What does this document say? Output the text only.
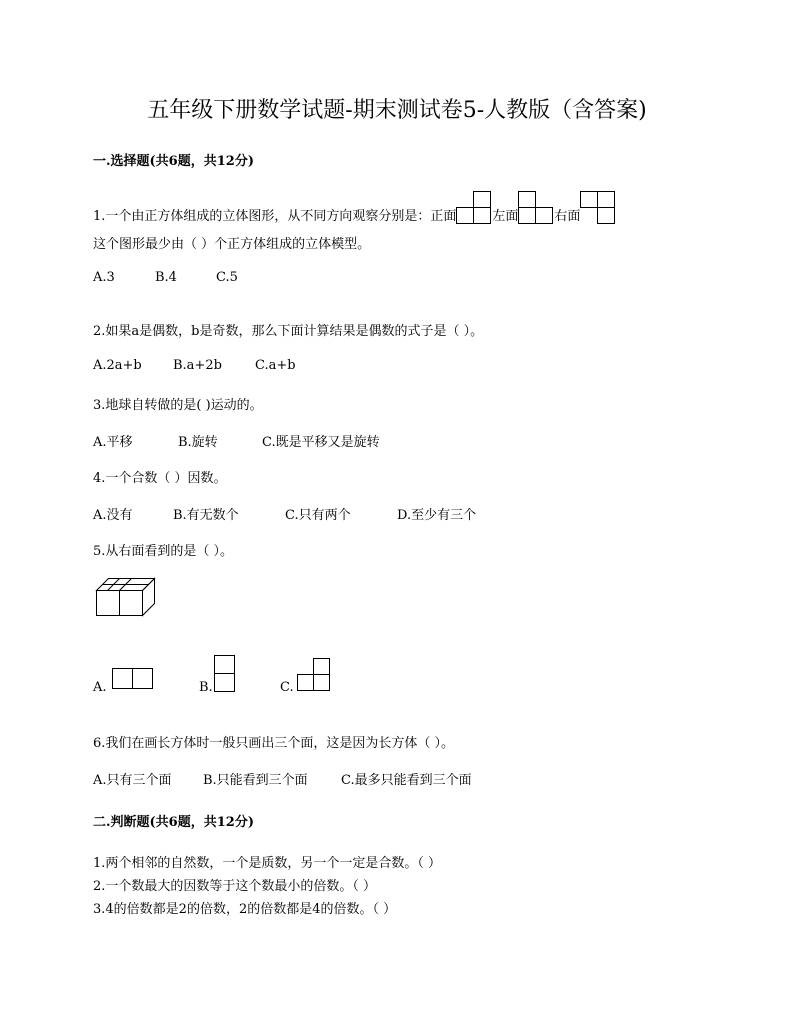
五年级下册数学试题-期末测试卷5-人教版（含答案)
一.选择题(共6题，共12分)
1.一个由正方体组成的立体图形，从不同方向观察分别是：正面	左面	右面
这个图形最少由（ ）个正方体组成的立体模型。
A.3	B.4	C.5
2.如果a是偶数，b是奇数，那么下面计算结果是偶数的式子是（ ）。
A.2a+b B.a+2b	C.a+b
3.地球自转做的是( )运动的。
A.平移	B.旋转	C.既是平移又是旋转
4.一个合数（ ）因数。
A.没有	B.有无数个	C.只有两个	D.至少有三个
5.从右面看到的是（ ）。
A.	B.	C.
6.我们在画长方体时一般只画出三个面，这是因为长方体（ ）。
A.只有三个面 B.只能看到三个面	C.最多只能看到三个面
二.判断题(共6题，共12分)
1.两个相邻的自然数，一个是质数，另一个一定是合数。（ ）
2.一个数最大的因数等于这个数最小的倍数。（ ）
3.4的倍数都是2的倍数，2的倍数都是4的倍数。（ ）
